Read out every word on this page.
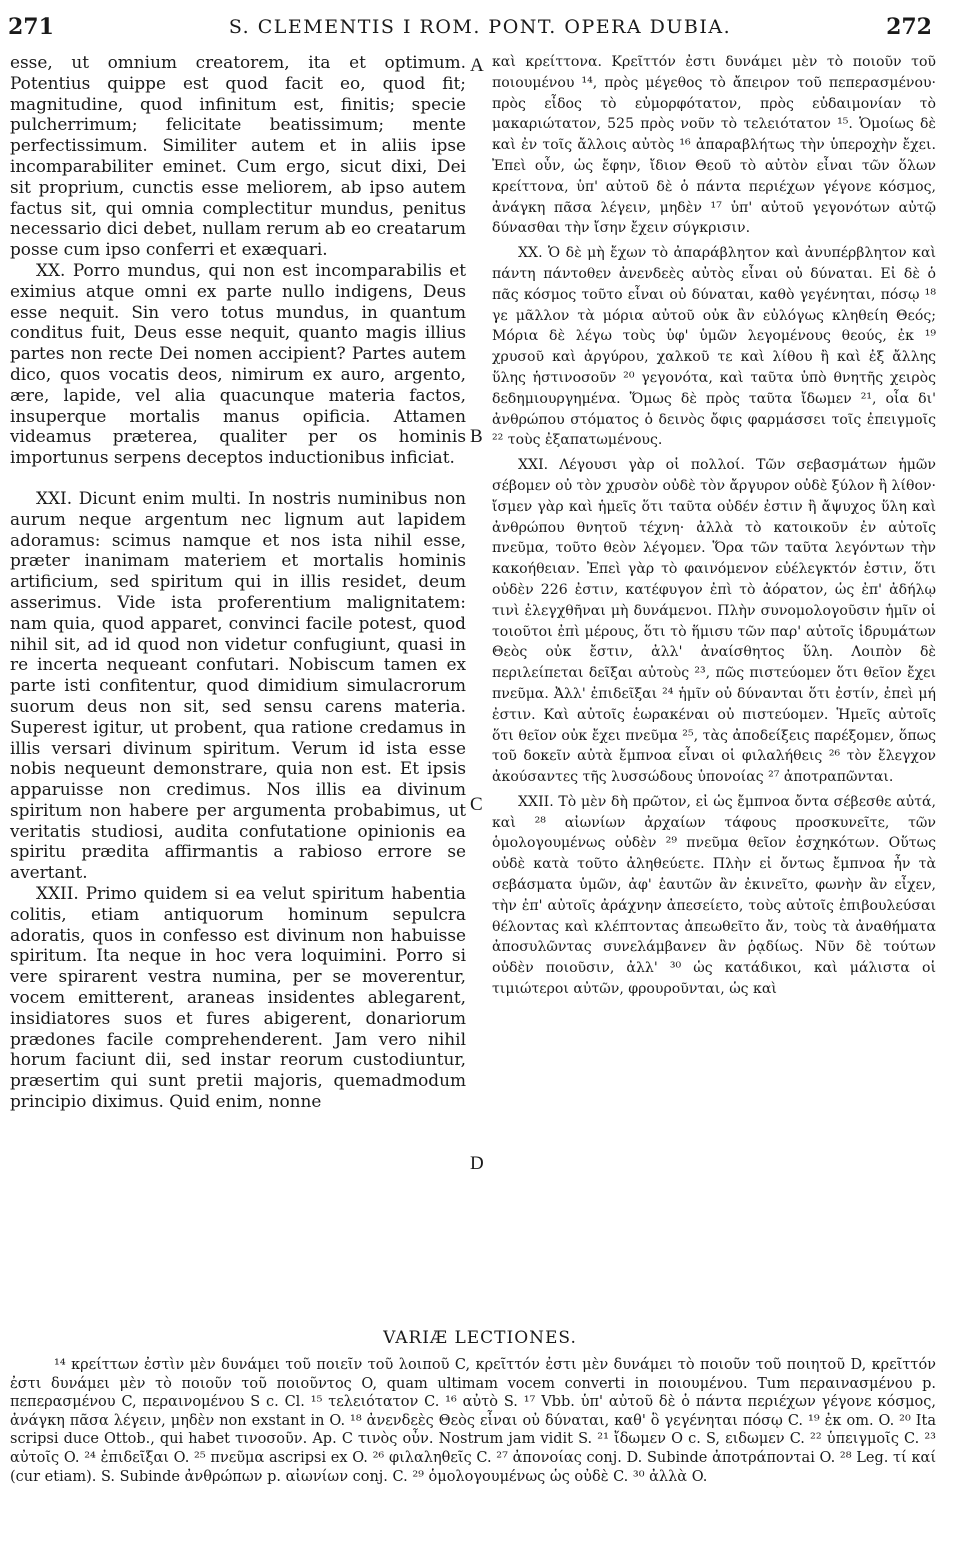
271	S. CLEMENTIS I ROM. PONT. OPERA DUBIA.	272

esse, ut omnium creatorem, ita et optimum. Potentius quippe est quod facit eo, quod fit; magnitudine, quod infinitum est, finitis; specie pulcherrimum; felicitate beatissimum; mente perfectissimum. Similiter autem et in aliis ipse incomparabiliter eminet. Cum ergo, sicut dixi, Dei sit proprium, cunctis esse meliorem, ab ipso autem factus sit, qui omnia complectitur mundus, penitus necessario dici debet, nullam rerum ab eo creatarum posse cum ipso conferri et exæquari.

XX. Porro mundus, qui non est incomparabilis et eximius atque omni ex parte nullo indigens, Deus esse nequit. Sin vero totus mundus, in quantum conditus fuit, Deus esse nequit, quanto magis illius partes non recte Dei nomen accipient? Partes autem dico, quos vocatis deos, nimirum ex auro, argento, ære, lapide, vel alia quacunque materia factos, insuperque mortalis manus opificia. Attamen videamus præterea, qualiter per os hominis importunus serpens deceptos inductionibus inficiat.

XXI. Dicunt enim multi. In nostris numinibus non aurum neque argentum nec lignum aut lapidem adoramus: scimus namque et nos ista nihil esse, præter inanimam materiem et mortalis hominis artificium, sed spiritum qui in illis residet, deum asserimus. Vide ista proferentium malignitatem: nam quia, quod apparet, convinci facile potest, quod nihil sit, ad id quod non videtur confugiunt, quasi in re incerta nequeant confutari. Nobiscum tamen ex parte isti confitentur, quod dimidium simulacrorum suorum deus non sit, sed sensu carens materia. Superest igitur, ut probent, qua ratione credamus in illis versari divinum spiritum. Verum id ista esse nobis nequeunt demonstrare, quia non est. Et ipsis apparuisse non credimus. Nos illis ea divinum spiritum non habere per argumenta probabimus, ut veritatis studiosi, audita confutatione opinionis ea spiritu prædita affirmantis a rabioso errore se avertant.

XXII. Primo quidem si ea velut spiritum habentia colitis, etiam antiquorum hominum sepulcra adoratis, quos in confesso est divinum non habuisse spiritum. Ita neque in hoc vera loquimini. Porro si vere spirarent vestra numina, per se moverentur, vocem emitterent, araneas insidentes ablegarent, insidiatores suos et fures abigerent, donariorum prædones facile comprehenderent. Jam vero nihil horum faciunt dii, sed instar reorum custodiuntur, præsertim qui sunt pretii majoris, quemadmodum principio diximus. Quid enim, nonne

A
B
C
D

καὶ κρείττονα. Κρεῖττόν ἐστι δυνάμει μὲν τὸ ποιοῦν τοῦ ποιουμένου ¹⁴, πρὸς μέγεθος τὸ ἄπειρον τοῦ πεπερασμένου· πρὸς εἶδος τὸ εὐμορφότατον, πρὸς εὐδαιμονίαν τὸ μακαριώτατον, 525 πρὸς νοῦν τὸ τελειότατον ¹⁵. Ὁμοίως δὲ καὶ ἐν τοῖς ἄλλοις αὐτὸς ¹⁶ ἀπαραβλήτως τὴν ὑπεροχὴν ἔχει. Ἐπεὶ οὖν, ὡς ἔφην, ἴδιον Θεοῦ τὸ αὐτὸν εἶναι τῶν ὅλων κρείττονα, ὑπ' αὐτοῦ δὲ ὁ πάντα περιέχων γέγονε κόσμος, ἀνάγκη πᾶσα λέγειν, μηδὲν ¹⁷ ὑπ' αὐτοῦ γεγονότων αὐτῷ δύνασθαι τὴν ἴσην ἔχειν σύγκρισιν.

XX. Ὁ δὲ μὴ ἔχων τὸ ἀπαράβλητον καὶ ἀνυπέρβλητον καὶ πάντη πάντοθεν ἀνενδεὲς αὐτὸς εἶναι οὐ δύναται. Εἰ δὲ ὁ πᾶς κόσμος τοῦτο εἶναι οὐ δύναται, καθὸ γεγένηται, πόσῳ ¹⁸ γε μᾶλλον τὰ μόρια αὐτοῦ οὐκ ἂν εὐλόγως κληθείη Θεός; Μόρια δὲ λέγω τοὺς ὑφ' ὑμῶν λεγομένους θεούς, ἐκ ¹⁹ χρυσοῦ καὶ ἀργύρου, χαλκοῦ τε καὶ λίθου ἢ καὶ ἐξ ἄλλης ὕλης ἡστινοσοῦν ²⁰ γεγονότα, καὶ ταῦτα ὑπὸ θνητῆς χειρὸς δεδημιουργημένα. Ὅμως δὲ πρὸς ταῦτα ἴδωμεν ²¹, οἷα δι' ἀνθρώπου στόματος ὁ δεινὸς ὄφις φαρμάσσει τοῖς ἐπειγμοῖς ²² τοὺς ἐξαπατωμένους.

XXI. Λέγουσι γὰρ οἱ πολλοί. Τῶν σεβασμάτων ἡμῶν σέβομεν οὐ τὸν χρυσὸν οὐδὲ τὸν ἄργυρον οὐδὲ ξύλον ἢ λίθον· ἴσμεν γὰρ καὶ ἡμεῖς ὅτι ταῦτα οὐδέν ἐστιν ἢ ἄψυχος ὕλη καὶ ἀνθρώπου θνητοῦ τέχνη· ἀλλὰ τὸ κατοικοῦν ἐν αὐτοῖς πνεῦμα, τοῦτο θεὸν λέγομεν. Ὅρα τῶν ταῦτα λεγόντων τὴν κακοήθειαν. Ἐπεὶ γὰρ τὸ φαινόμενον εὐέλεγκτόν ἐστιν, ὅτι οὐδὲν 226 ἐστιν, κατέφυγον ἐπὶ τὸ ἀόρατον, ὡς ἐπ' ἀδήλῳ τινὶ ἐλεγχθῆναι μὴ δυνάμενοι. Πλὴν συνομολογοῦσιν ἡμῖν οἱ τοιοῦτοι ἐπὶ μέρους, ὅτι τὸ ἥμισυ τῶν παρ' αὐτοῖς ἱδρυμάτων Θεὸς οὐκ ἔστιν, ἀλλ' ἀναίσθητος ὕλη. Λοιπὸν δὲ περιλείπεται δεῖξαι αὐτοὺς ²³, πῶς πιστεύομεν ὅτι θεῖον ἔχει πνεῦμα. Ἀλλ' ἐπιδεῖξαι ²⁴ ἡμῖν οὐ δύνανται ὅτι ἐστίν, ἐπεὶ μή ἐστιν. Καὶ αὐτοῖς ἑωρακέναι οὐ πιστεύομεν. Ἡμεῖς αὐτοῖς ὅτι θεῖον οὐκ ἔχει πνεῦμα ²⁵, τὰς ἀποδείξεις παρέξομεν, ὅπως τοῦ δοκεῖν αὐτὰ ἔμπνοα εἶναι οἱ φιλαλήθεις ²⁶ τὸν ἔλεγχον ἀκούσαντες τῆς λυσσώδους ὑπονοίας ²⁷ ἀποτραπῶνται.

XXII. Τὸ μὲν δὴ πρῶτον, εἰ ὡς ἔμπνοα ὄντα σέβεσθε αὐτά, καὶ ²⁸ αἰωνίων ἀρχαίων τάφους προσκυνεῖτε, τῶν ὁμολογουμένως οὐδὲν ²⁹ πνεῦμα θεῖον ἐσχηκότων. Οὕτως οὐδὲ κατὰ τοῦτο ἀληθεύετε. Πλὴν εἰ ὄντως ἔμπνοα ἦν τὰ σεβάσματα ὑμῶν, ἀφ' ἑαυτῶν ἂν ἐκινεῖτο, φωνὴν ἂν εἶχεν, τὴν ἐπ' αὐτοῖς ἀράχνην ἀπεσείετο, τοὺς αὐτοῖς ἐπιβουλεύσαι θέλοντας καὶ κλέπτοντας ἀπεωθεῖτο ἄν, τοὺς τὰ ἀναθήματα ἀποσυλῶντας συνελάμβανεν ἂν ῥᾳδίως. Νῦν δὲ τούτων οὐδὲν ποιοῦσιν, ἀλλ' ³⁰ ὡς κατάδικοι, καὶ μάλιστα οἱ τιμιώτεροι αὐτῶν, φρουροῦνται, ὡς καὶ

VARIÆ LECTIONES.
¹⁴ κρείττων ἐστὶν μὲν δυνάμει τοῦ ποιεῖν τοῦ λοιποῦ C, κρεῖττόν ἐστι μὲν δυνάμει τὸ ποιοῦν τοῦ ποιητοῦ D, κρεῖττόν ἐστι δυνάμει μὲν τὸ ποιοῦν τοῦ ποιοῦντος O, quam ultimam vocem converti in ποιουμένου. Tum περαινασμένου p. πεπερασμένου C, περαινομένου S c. Cl. ¹⁵ τελειότατον C. ¹⁶ αὐτὸ S. ¹⁷ Vbb. ὑπ' αὐτοῦ δὲ ὁ πάντα περιέχων γέγονε κόσμος, ἀνάγκη πᾶσα λέγειν, μηδὲν non exstant in O. ¹⁸ ἀνενδεὲς Θεὸς εἶναι οὐ δύναται, καθ' ὃ γεγένηται πόσῳ C. ¹⁹ ἐκ om. O. ²⁰ Ita scripsi duce Ottob., qui habet τινοσοῦν. Ap. C τινὸς οὖν. Nostrum jam vidit S. ²¹ ἴδωμεν O c. S, ειδωμεν C. ²² ὑπειγμοῖς C. ²³ αὐτοῖς O. ²⁴ ἐπιδεῖξαι O. ²⁵ πνεῦμα ascripsi ex O. ²⁶ φιλαληθεῖς C. ²⁷ ἀπονοίας conj. D. Subinde ἀποτράποντai O. ²⁸ Leg. τί καί (cur etiam). S. Subinde ἀνθρώπων p. αἰωνίων conj. C. ²⁹ ὁμολογουμένως ὡς οὐδὲ C. ³⁰ ἀλλὰ O.
